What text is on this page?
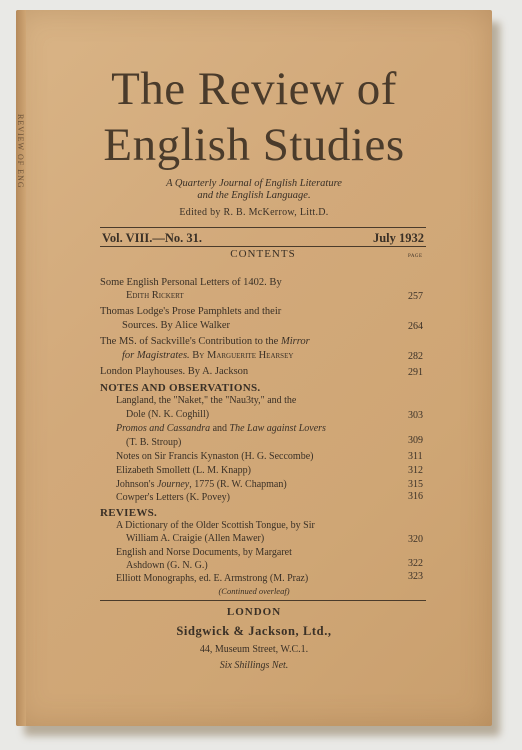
REVIEW OF ENG
The Review of
English Studies
A Quarterly Journal of English Literature
and the English Language.
Edited by R. B. McKerrow, Litt.D.
Vol. VIII.—No. 31.	July 1932
CONTENTS	PAGE
Some English Personal Letters of 1402. By
Edith Rickert	257
Thomas Lodge's Prose Pamphlets and their
Sources. By Alice Walker	264
The MS. of Sackville's Contribution to the Mirror
for Magistrates. By Marguerite Hearsey	282
London Playhouses. By A. Jackson	291
NOTES AND OBSERVATIONS.
Langland, the "Naket," the "Nau3ty," and the
Dole (N. K. Coghill)	303
Promos and Cassandra and The Law against Lovers
(T. B. Stroup)	309
Notes on Sir Francis Kynaston (H. G. Seccombe)	311
Elizabeth Smollett (L. M. Knapp)	312
Johnson's Journey, 1775 (R. W. Chapman)	315
Cowper's Letters (K. Povey)	316
REVIEWS.
A Dictionary of the Older Scottish Tongue, by Sir
William A. Craigie (Allen Mawer)	320
English and Norse Documents, by Margaret
Ashdown (G. N. G.)	322
Elliott Monographs, ed. E. Armstrong (M. Praz)	323
(Continued overleaf)
LONDON
Sidgwick & Jackson, Ltd.,
44, Museum Street, W.C.1.
Six Shillings Net.
